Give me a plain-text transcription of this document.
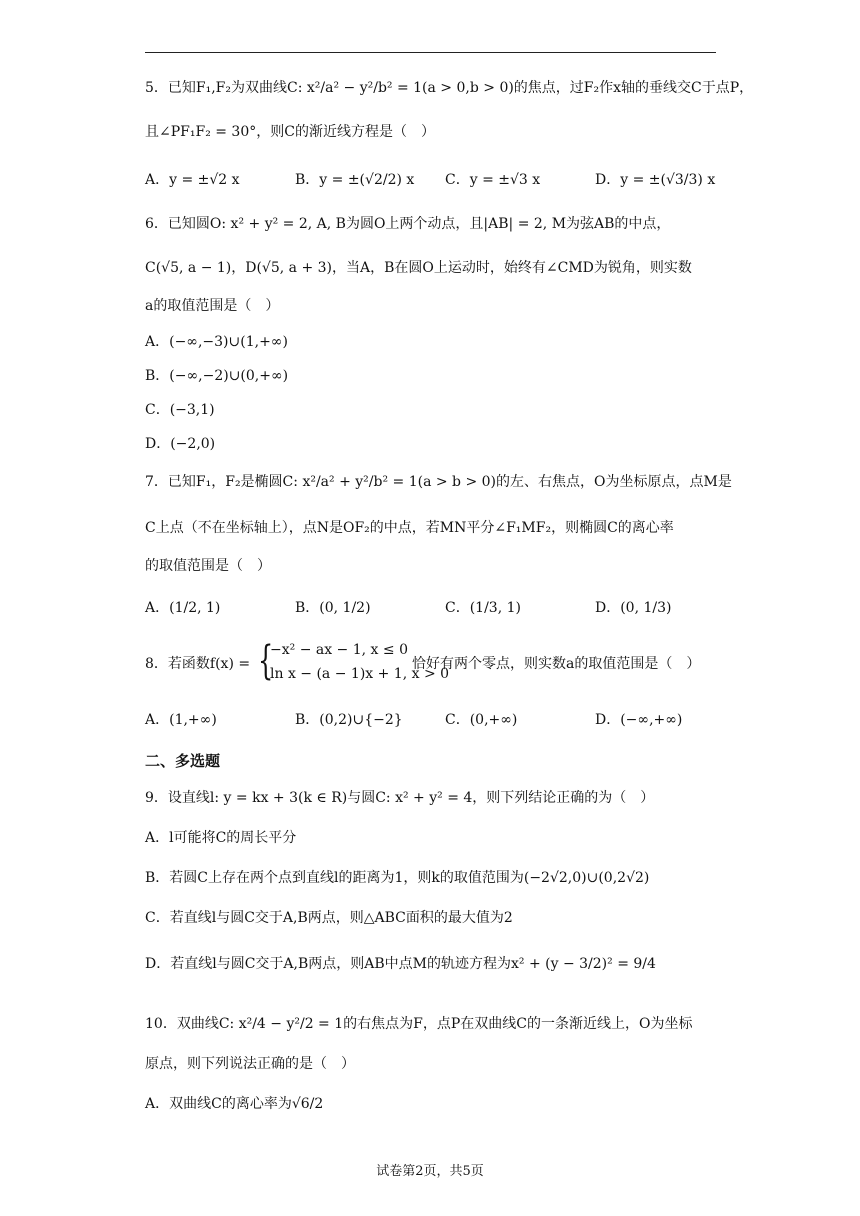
5．已知F₁,F₂为双曲线C: x²/a² − y²/b² = 1(a > 0,b > 0)的焦点，过F₂作x轴的垂线交C于点P，
且∠PF₁F₂ = 30°，则C的渐近线方程是（　）
A．y = ±√2 x	B．y = ±(√2/2) x C．y = ±√3 x	D．y = ±(√3/3) x
6．已知圆O: x² + y² = 2, A, B为圆O上两个动点，且|AB| = 2, M为弦AB的中点，
C(√5, a − 1)，D(√5, a + 3)，当A，B在圆O上运动时，始终有∠CMD为锐角，则实数
a的取值范围是（　）
A．(−∞,−3)∪(1,+∞)
B．(−∞,−2)∪(0,+∞)
C．(−3,1)
D．(−2,0)
7．已知F₁，F₂是椭圆C: x²/a² + y²/b² = 1(a > b > 0)的左、右焦点，O为坐标原点，点M是
C上点（不在坐标轴上），点N是OF₂的中点，若MN平分∠F₁MF₂，则椭圆C的离心率
的取值范围是（　）
A．(1/2, 1)	B．(0, 1/2)	C．(1/3, 1)	D．(0, 1/3)
8．若函数f(x) = {
−x² − ax − 1, x ≤ 0
ln x − (a − 1)x + 1, x > 0
恰好有两个零点，则实数a的取值范围是（　）
A．(1,+∞)	B．(0,2)∪{−2}	C．(0,+∞)	D．(−∞,+∞)
二、多选题
9．设直线l: y = kx + 3(k ∈ R)与圆C: x² + y² = 4，则下列结论正确的为（　）
A．l可能将C的周长平分
B．若圆C上存在两个点到直线l的距离为1，则k的取值范围为(−2√2,0)∪(0,2√2)
C．若直线l与圆C交于A,B两点，则△ABC面积的最大值为2
D．若直线l与圆C交于A,B两点，则AB中点M的轨迹方程为x² + (y − 3/2)² = 9/4
10．双曲线C: x²/4 − y²/2 = 1的右焦点为F，点P在双曲线C的一条渐近线上，O为坐标
原点，则下列说法正确的是（　）
A．双曲线C的离心率为√6/2
试卷第2页，共5页
